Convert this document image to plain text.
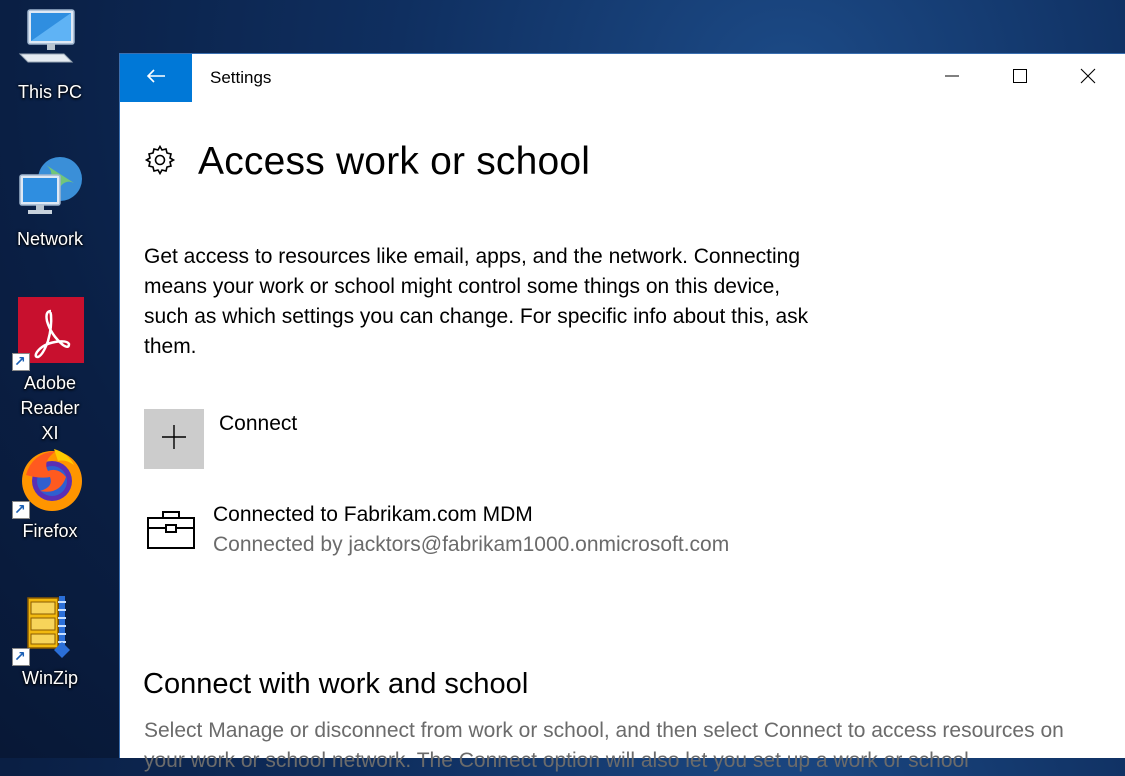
This PC
Network
↗
Adobe Reader XI
↗
Firefox
↗
WinZip
Settings
Access work or school
Get access to resources like email, apps, and the network. Connecting means your work or school might control some things on this device, such as which settings you can change. For specific info about this, ask them.
Connect
Connected to Fabrikam.com MDM
Connected by jacktors@fabrikam1000.onmicrosoft.com
Connect with work and school
Select Manage or disconnect from work or school, and then select Connect to access resources on your work or school network. The Connect option will also let you set up a work or school
